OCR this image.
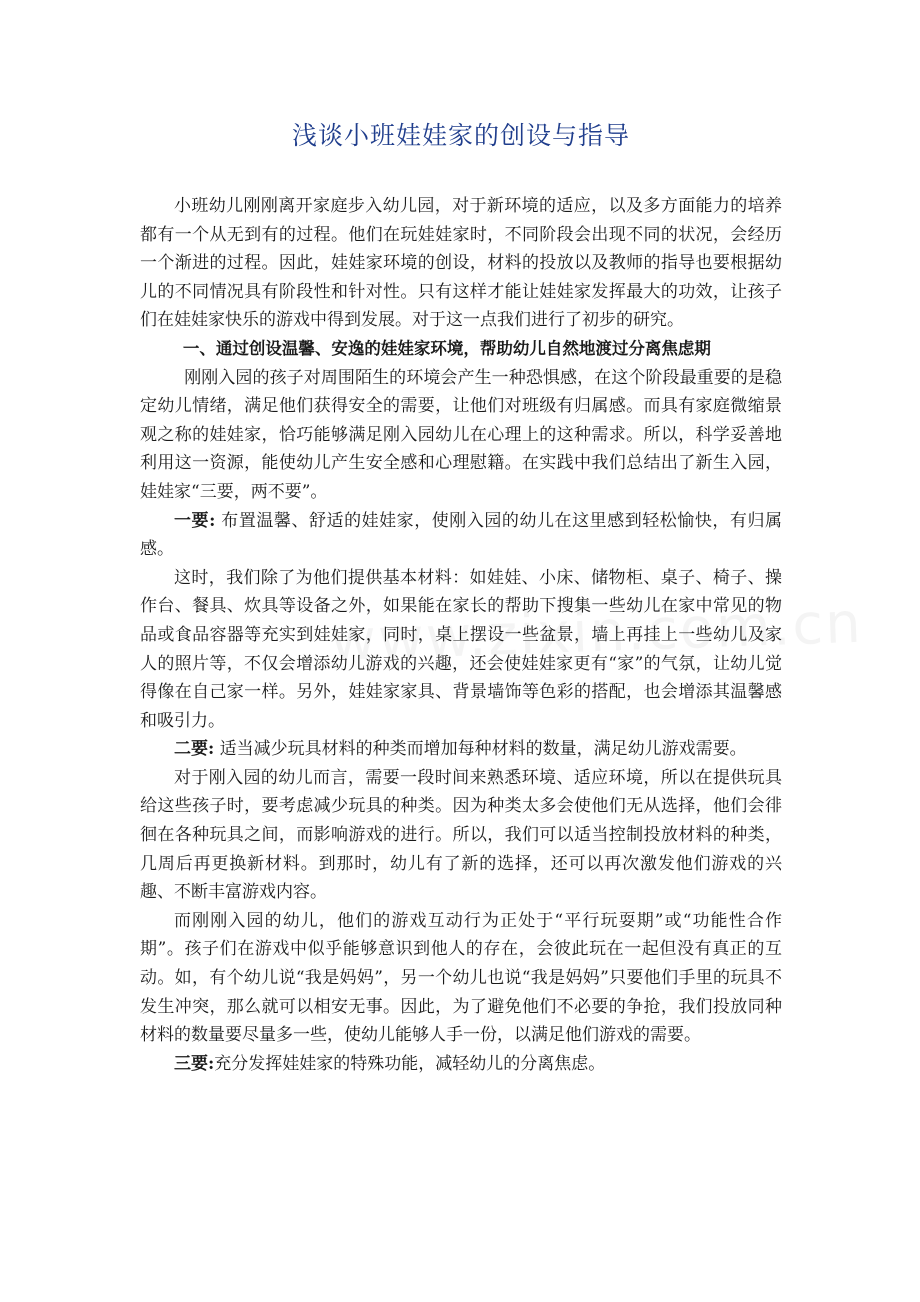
浅谈小班娃娃家的创设与指导

小班幼儿刚刚离开家庭步入幼儿园，对于新环境的适应，以及多方面能力的培养都有一个从无到有的过程。他们在玩娃娃家时，不同阶段会出现不同的状况，会经历一个渐进的过程。因此，娃娃家环境的创设，材料的投放以及教师的指导也要根据幼儿的不同情况具有阶段性和针对性。只有这样才能让娃娃家发挥最大的功效，让孩子们在娃娃家快乐的游戏中得到发展。对于这一点我们进行了初步的研究。

一、通过创设温馨、安逸的娃娃家环境，帮助幼儿自然地渡过分离焦虑期

刚刚入园的孩子对周围陌生的环境会产生一种恐惧感，在这个阶段最重要的是稳定幼儿情绪，满足他们获得安全的需要，让他们对班级有归属感。而具有家庭微缩景观之称的娃娃家，恰巧能够满足刚入园幼儿在心理上的这种需求。所以，科学妥善地利用这一资源，能使幼儿产生安全感和心理慰籍。在实践中我们总结出了新生入园，娃娃家“三要，两不要”。

一要: 布置温馨、舒适的娃娃家，使刚入园的幼儿在这里感到轻松愉快，有归属感。

这时，我们除了为他们提供基本材料：如娃娃、小床、储物柜、桌子、椅子、操作台、餐具、炊具等设备之外，如果能在家长的帮助下搜集一些幼儿在家中常见的物品或食品容器等充实到娃娃家，同时，桌上摆设一些盆景，墙上再挂上一些幼儿及家人的照片等，不仅会增添幼儿游戏的兴趣，还会使娃娃家更有“家”的气氛，让幼儿觉得像在自己家一样。另外，娃娃家家具、背景墙饰等色彩的搭配，也会增添其温馨感和吸引力。

二要: 适当减少玩具材料的种类而增加每种材料的数量，满足幼儿游戏需要。

对于刚入园的幼儿而言，需要一段时间来熟悉环境、适应环境，所以在提供玩具给这些孩子时，要考虑减少玩具的种类。因为种类太多会使他们无从选择，他们会徘徊在各种玩具之间，而影响游戏的进行。所以，我们可以适当控制投放材料的种类，几周后再更换新材料。到那时，幼儿有了新的选择，还可以再次激发他们游戏的兴趣、不断丰富游戏内容。

而刚刚入园的幼儿，他们的游戏互动行为正处于“平行玩耍期”或“功能性合作期”。孩子们在游戏中似乎能够意识到他人的存在，会彼此玩在一起但没有真正的互动。如，有个幼儿说“我是妈妈”，另一个幼儿也说“我是妈妈”只要他们手里的玩具不发生冲突，那么就可以相安无事。因此，为了避免他们不必要的争抢，我们投放同种材料的数量要尽量多一些，使幼儿能够人手一份，以满足他们游戏的需要。

三要:充分发挥娃娃家的特殊功能，减轻幼儿的分离焦虑。
